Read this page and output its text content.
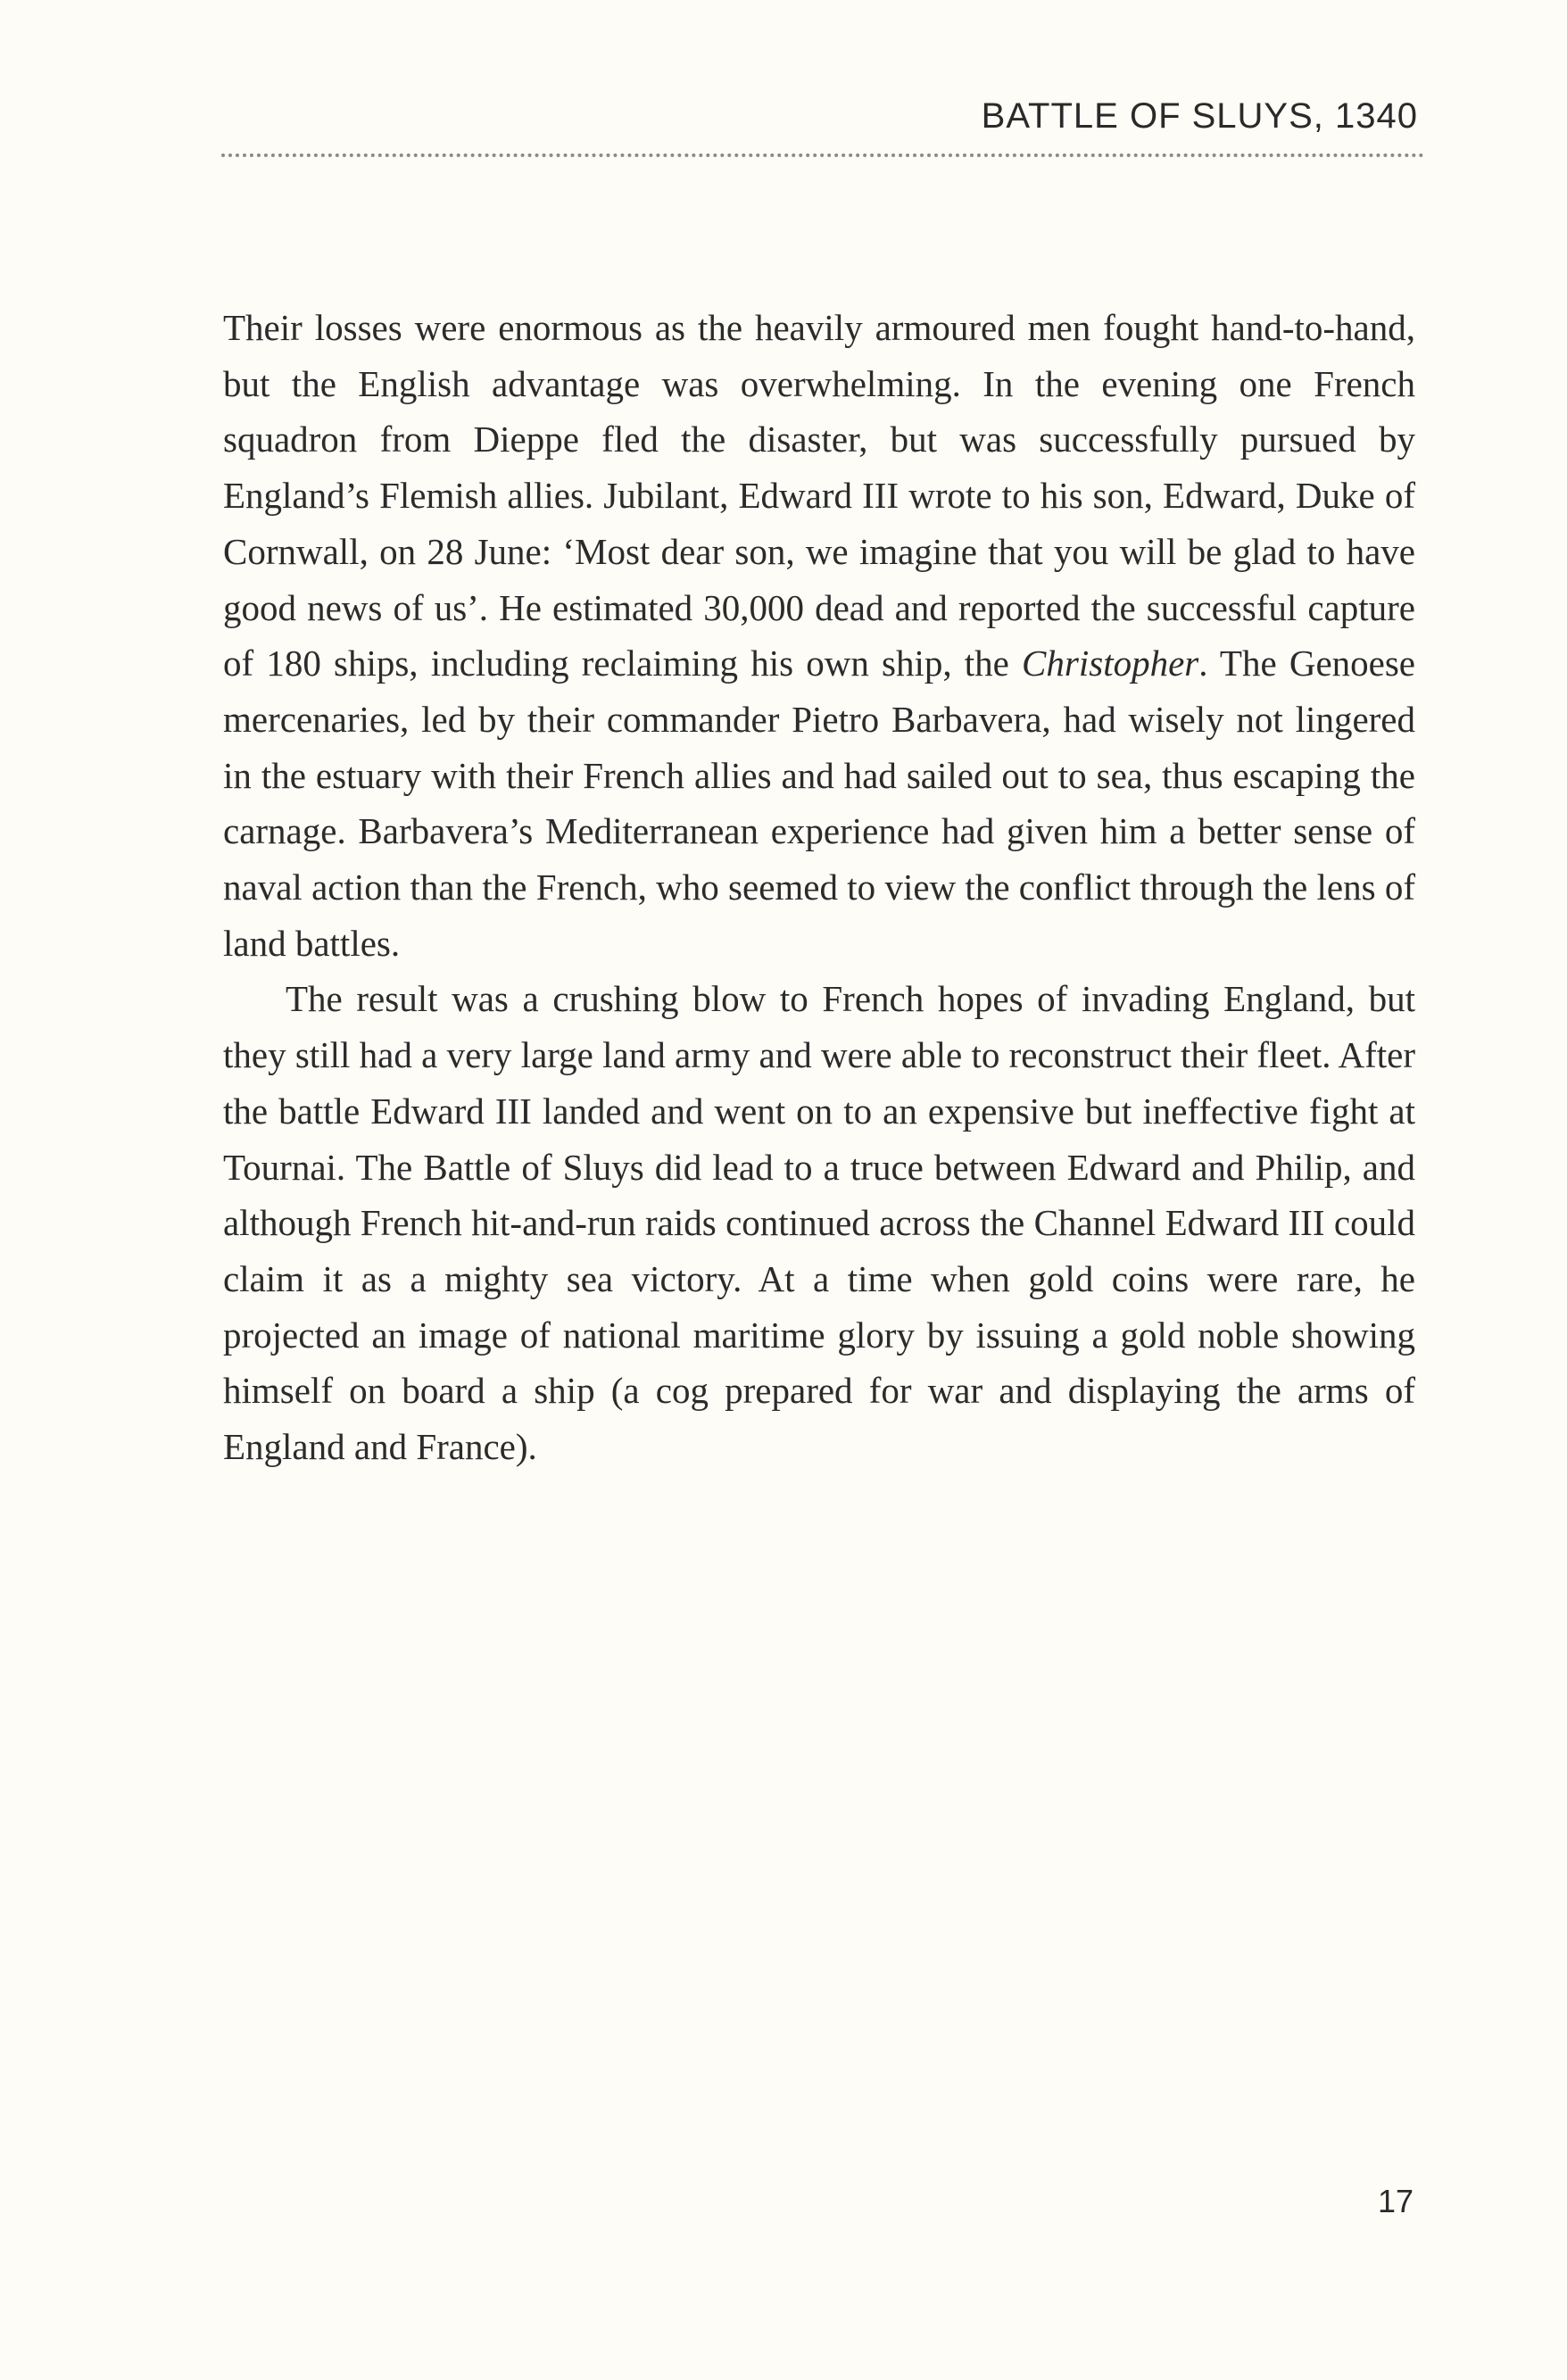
BATTLE OF SLUYS, 1340

Their losses were enormous as the heavily armoured men fought hand-to-hand, but the English advantage was overwhelming. In the evening one French squadron from Dieppe fled the disaster, but was successfully pursued by England’s Flemish allies. Jubilant, Edward III wrote to his son, Edward, Duke of Cornwall, on 28 June: ‘Most dear son, we imagine that you will be glad to have good news of us’. He estimated 30,000 dead and reported the successful capture of 180 ships, including reclaiming his own ship, the Christopher. The Genoese mercenaries, led by their commander Pietro Barbavera, had wisely not lingered in the estuary with their French allies and had sailed out to sea, thus escaping the carnage. Barbavera’s Mediterranean experience had given him a better sense of naval action than the French, who seemed to view the conflict through the lens of land battles.

The result was a crushing blow to French hopes of invading England, but they still had a very large land army and were able to reconstruct their fleet. After the battle Edward III landed and went on to an expensive but ineffective fight at Tournai. The Battle of Sluys did lead to a truce between Edward and Philip, and although French hit-and-run raids continued across the Channel Edward III could claim it as a mighty sea victory. At a time when gold coins were rare, he projected an image of national maritime glory by issuing a gold noble showing himself on board a ship (a cog prepared for war and displaying the arms of England and France).

17
